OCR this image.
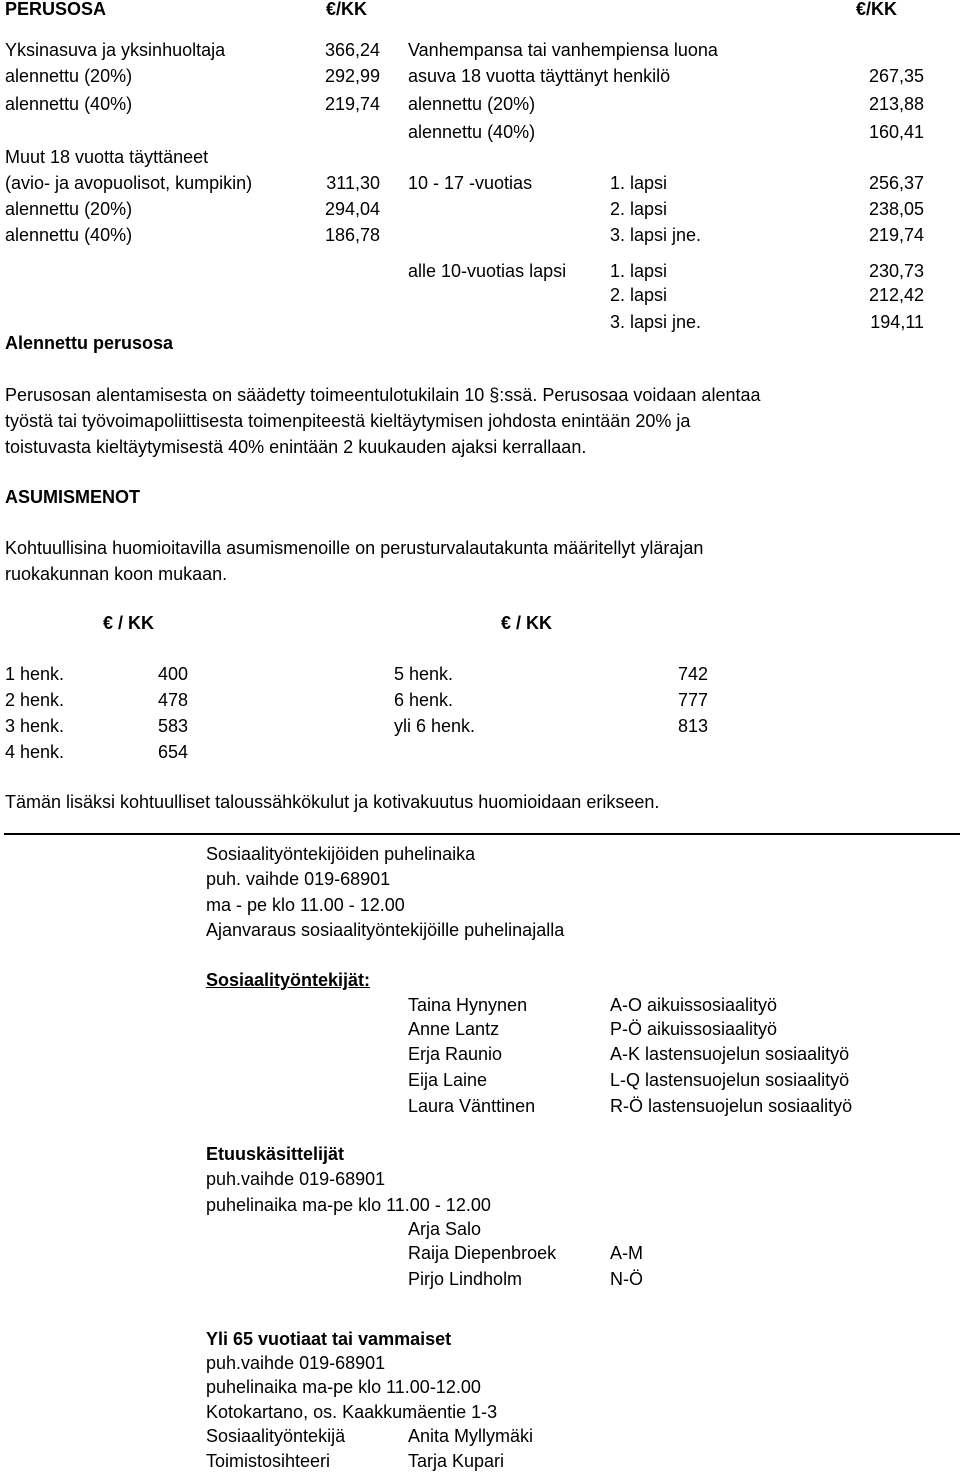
PERUSOSA	€/KK	€/KK
Yksinasuva ja yksinhuoltaja	366,24
alennettu (20%)	292,99
alennettu (40%)	219,74
Muut 18 vuotta täyttäneet
(avio- ja avopuolisot, kumpikin)	311,30
alennettu (20%)	294,04
alennettu (40%)	186,78
Vanhempansa tai vanhempiensa luona
asuva 18 vuotta täyttänyt henkilö	267,35
alennettu (20%)	213,88
alennettu (40%)	160,41
10 - 17 -vuotias	1. lapsi	256,37
2. lapsi	238,05
3. lapsi jne.	219,74
alle 10-vuotias lapsi 1. lapsi	230,73
2. lapsi	212,42
3. lapsi jne.	194,11
Alennettu perusosa
Perusosan alentamisesta on säädetty toimeentulotukilain 10 §:ssä. Perusosaa voidaan alentaa
työstä tai työvoimapoliittisesta toimenpiteestä kieltäytymisen johdosta enintään 20% ja
toistuvasta kieltäytymisestä 40% enintään 2 kuukauden ajaksi kerrallaan.
ASUMISMENOT
Kohtuullisina huomioitavilla asumismenoille on perusturvalautakunta määritellyt ylärajan
ruokakunnan koon mukaan.
€ / KK	€ / KK
1 henk.	400
2 henk.	478
3 henk.	583
4 henk.	654
5 henk.	742
6 henk.	777
yli 6 henk.	813
Tämän lisäksi kohtuulliset taloussähkökulut ja kotivakuutus huomioidaan erikseen.
Sosiaalityöntekijöiden puhelinaika
puh. vaihde 019-68901
ma - pe klo 11.00 - 12.00
Ajanvaraus sosiaalityöntekijöille puhelinajalla
Sosiaalityöntekijät:
Taina Hynynen	A-O aikuissosiaalityö
Anne Lantz	P-Ö aikuissosiaalityö
Erja Raunio	A-K lastensuojelun sosiaalityö
Eija Laine	L-Q lastensuojelun sosiaalityö
Laura Vänttinen	R-Ö lastensuojelun sosiaalityö
Etuuskäsittelijät
puh.vaihde 019-68901
puhelinaika ma-pe klo 11.00 - 12.00
Arja Salo
Raija Diepenbroek	A-M
Pirjo Lindholm	N-Ö
Yli 65 vuotiaat tai vammaiset
puh.vaihde 019-68901
puhelinaika ma-pe klo 11.00-12.00
Kotokartano, os. Kaakkumäentie 1-3
Sosiaalityöntekijä	Anita Myllymäki
Toimistosihteeri	Tarja Kupari
